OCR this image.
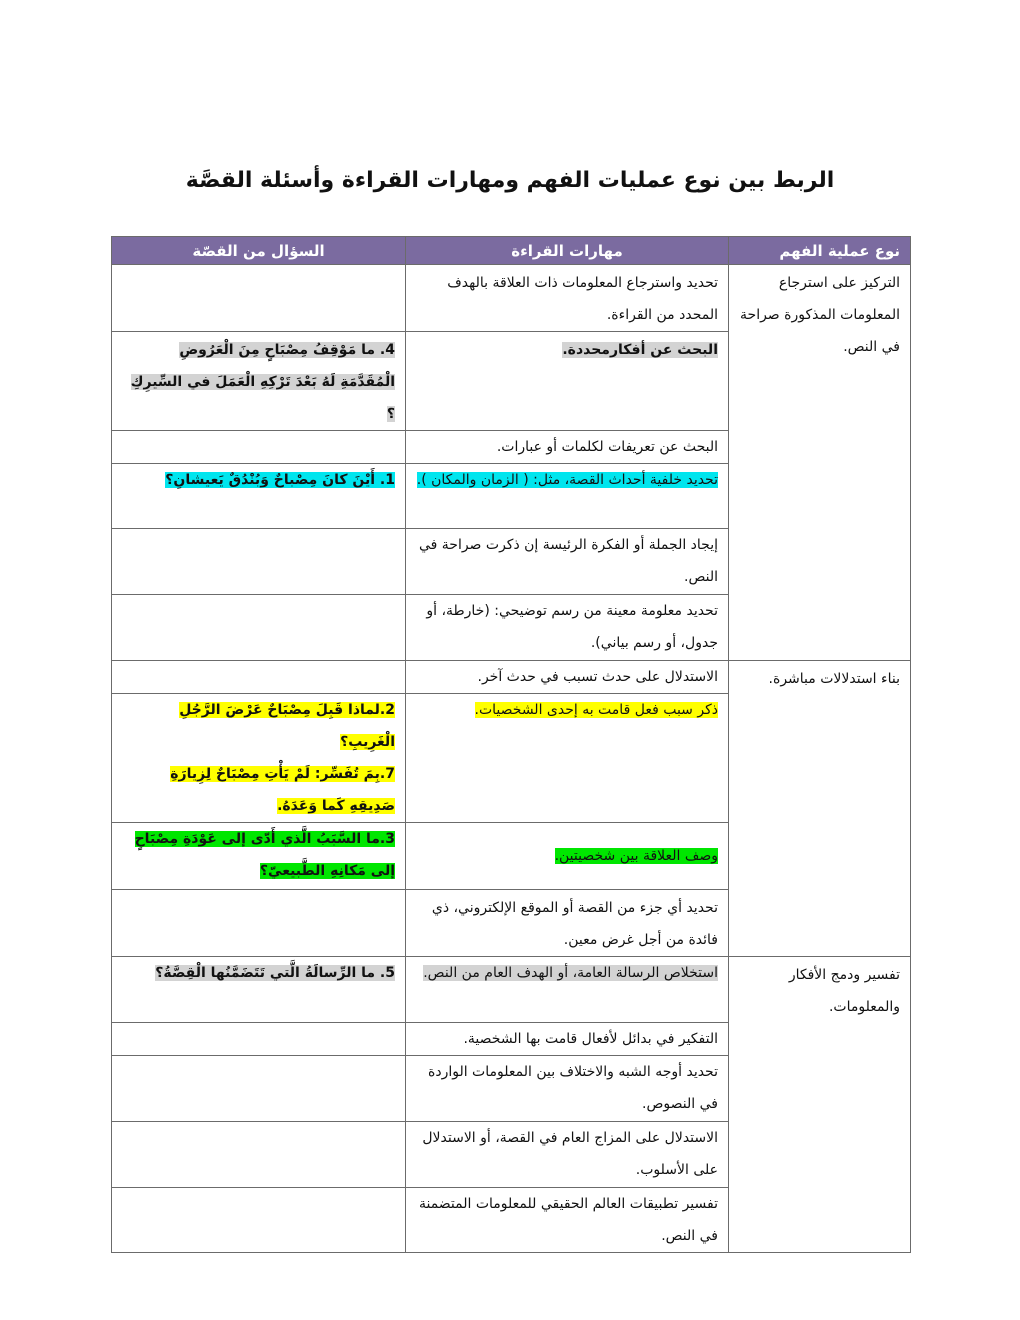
الربط بين نوع عمليات الفهم ومهارات القراءة وأسئلة القصَّة
نوع عملية الفهم	مهارات القراءة	السؤال من القصّة
التركيز على استرجاع المعلومات المذكورة صراحة في النص.	تحديد واسترجاع المعلومات ذات العلاقة بالهدف المحدد من القراءة.	
	البحث عن أفكارمحددة.	4. ما مَوْقِفُ مِصْبَاحٍ مِنَ الْعَرُوضِ الْمُقَدَّمَةِ لَهُ بَعْدَ تَرْكِهِ الْعَمَلَ في السِّيرِكِ ؟
	البحث عن تعريفات لكلمات أو عبارات.	
	تحديد خلفية أحداث القصة، مثل: ( الزمان والمكان ).	1. أَيْنَ كانَ مِصْباحٌ وَبُنْدُقٌ يَعيشانِ؟
	إيجاد الجملة أو الفكرة الرئيسة إن ذكرت صراحة في النص.	
	تحديد معلومة معينة من رسم توضيحي: (خارطة، أو جدول، أو رسم بياني).	
بناء استدلالات مباشرة.	الاستدلال على حدث تسبب في حدث آخر.	
	ذكر سبب فعل قامت به إحدى الشخصيات.	2.لماذا قَبِلَ مِصْبَاحٌ عَرْضَ الرَّجُلِ الْغَرِيبِ؟
7.بِمَ تُفَسِّر: لَمْ يَأْتِ مِصْبَاحٌ لِزِيارَةِ صَدِيقِهِ كَما وَعَدَهُ.
	وصف العلاقة بين شخصيتين.	3.ما السَّبَبُ الَّذي أَدّى إلى عَوْدَةِ مِصْبَاحٍ إلى مَكانِهِ الطَّبيعيّ؟
	تحديد أي جزء من القصة أو الموقع الإلكتروني، ذي فائدة من أجل غرض معين.	
تفسير ودمج الأفكار والمعلومات.	استخلاص الرسالة العامة، أو الهدف العام من النص.	5. ما الرِّسالَةُ الَّتي تَتَضَمَّنُها الْقِصَّةُ؟
	التفكير في بدائل لأفعال قامت بها الشخصية.	
	تحديد أوجه الشبه والاختلاف بين المعلومات الواردة في النصوص.	
	الاستدلال على المزاج العام في القصة، أو الاستدلال على الأسلوب.	
	تفسير تطبيقات العالم الحقيقي للمعلومات المتضمنة في النص.	
